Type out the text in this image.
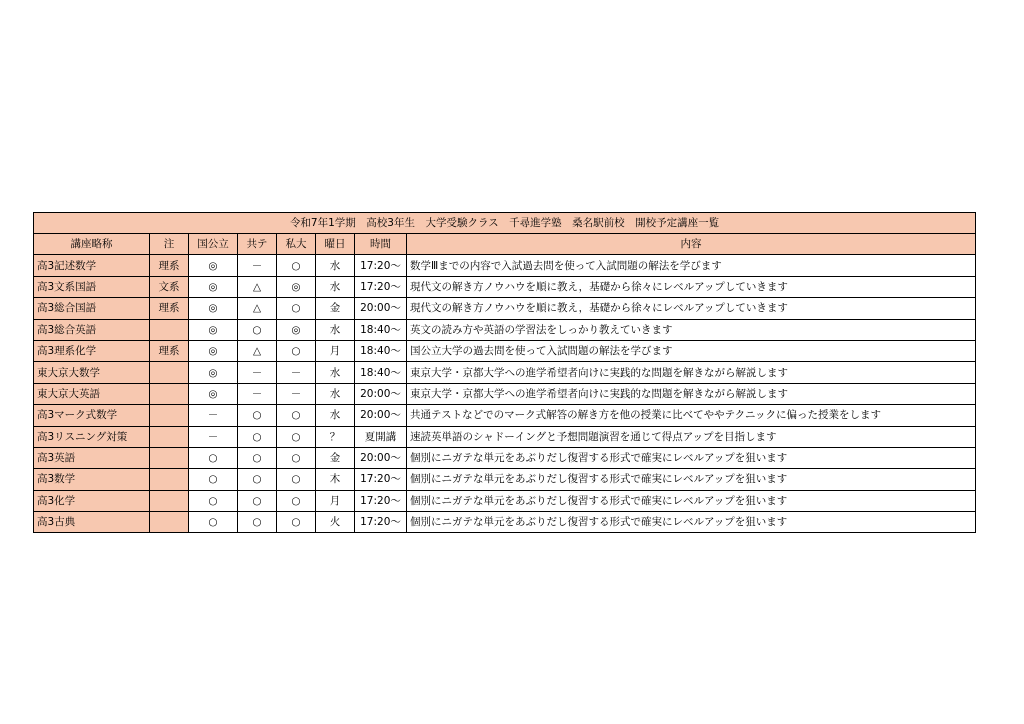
令和7年1学期　高校3年生　大学受験クラス　千尋進学塾　桑名駅前校　開校予定講座一覧							
講座略称	注	国公立	共テ	私大	曜日	時間	内容
高3記述数学	理系	◎	－	○	水	17:20～	数学Ⅲまでの内容で入試過去問を使って入試問題の解法を学びます
高3文系国語	文系	◎	△	◎	水	17:20～	現代文の解き方ノウハウを順に教え，基礎から徐々にレベルアップしていきます
高3総合国語	理系	◎	△	○	金	20:00～	現代文の解き方ノウハウを順に教え，基礎から徐々にレベルアップしていきます
高3総合英語		◎	○	◎	水	18:40～	英文の読み方や英語の学習法をしっかり教えていきます
高3理系化学	理系	◎	△	○	月	18:40～	国公立大学の過去問を使って入試問題の解法を学びます
東大京大数学		◎	－	－	水	18:40～	東京大学・京都大学への進学希望者向けに実践的な問題を解きながら解説します
東大京大英語		◎	－	－	水	20:00～	東京大学・京都大学への進学希望者向けに実践的な問題を解きながら解説します
高3マーク式数学		－	○	○	水	20:00～	共通テストなどでのマーク式解答の解き方を他の授業に比べてややテクニックに偏った授業をします
高3リスニング対策		－	○	○	？	夏開講	速読英単語のシャドーイングと予想問題演習を通じて得点アップを目指します
高3英語		○	○	○	金	20:00～	個別にニガテな単元をあぶりだし復習する形式で確実にレベルアップを狙います
高3数学		○	○	○	木	17:20～	個別にニガテな単元をあぶりだし復習する形式で確実にレベルアップを狙います
高3化学		○	○	○	月	17:20～	個別にニガテな単元をあぶりだし復習する形式で確実にレベルアップを狙います
高3古典		○	○	○	火	17:20～	個別にニガテな単元をあぶりだし復習する形式で確実にレベルアップを狙います
